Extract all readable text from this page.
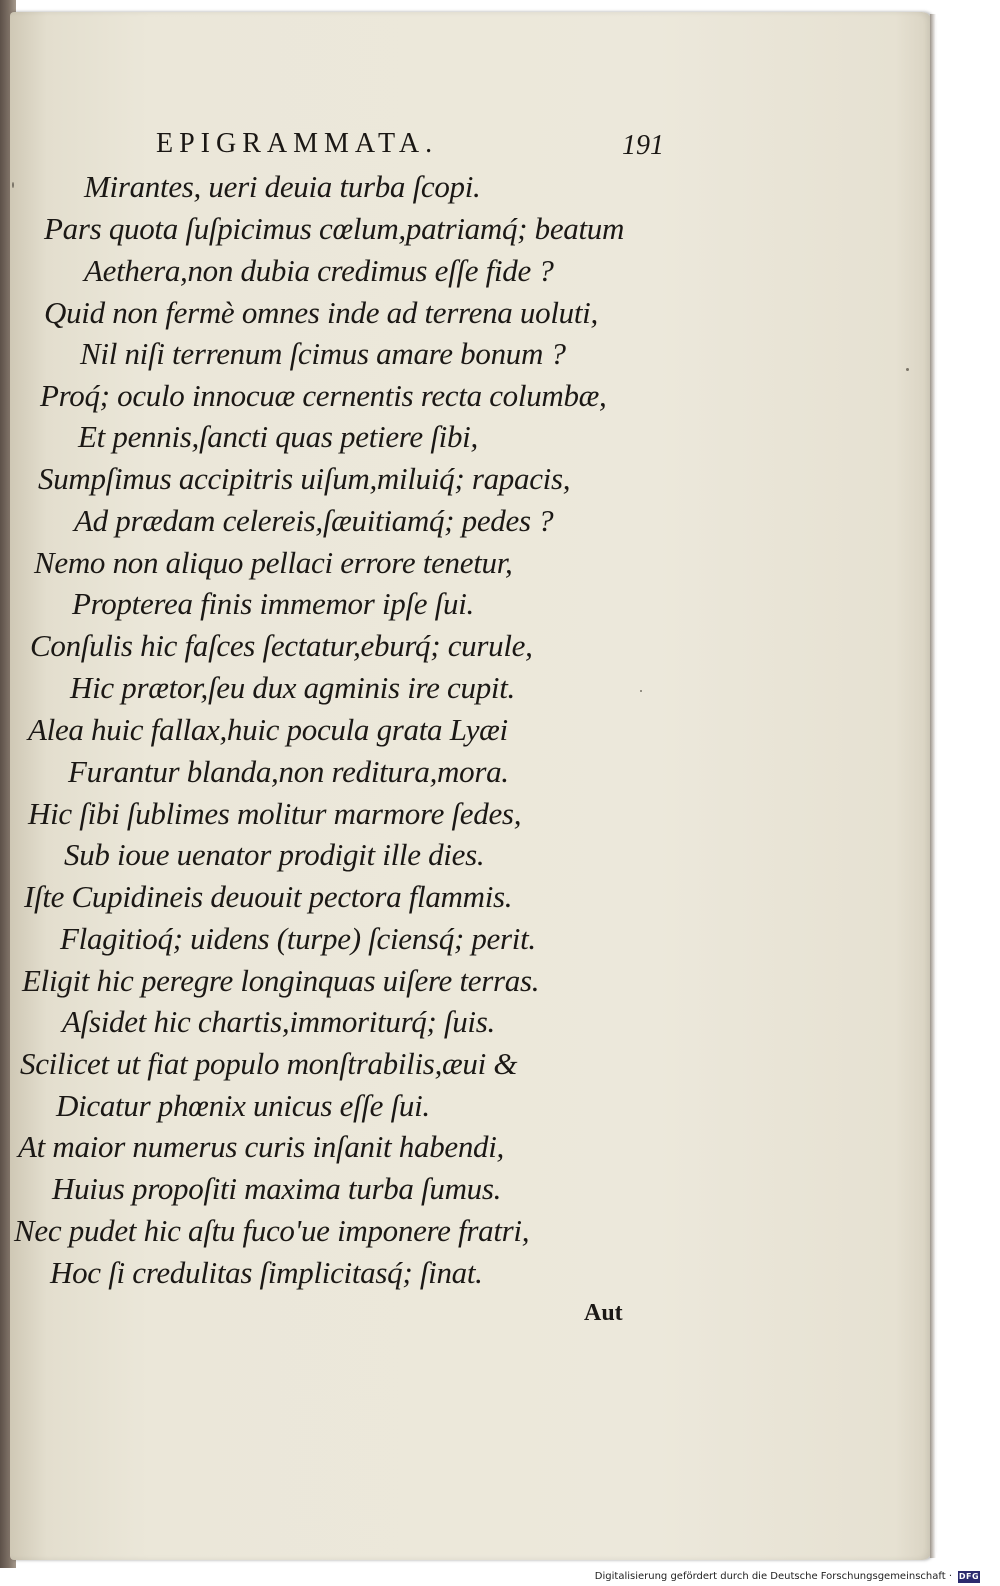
EPIGRAMMATA.	191
Mirantes, ueri deuia turba ſcopi.
Pars quota ſuſpicimus cœlum,patriamq́; beatum
Aethera,non dubia credimus eſſe fide ?
Quid non fermè omnes inde ad terrena uoluti,
Nil niſi terrenum ſcimus amare bonum ?
Proq́; oculo innocuæ cernentis recta columbæ,
Et pennis,ſancti quas petiere ſibi,
Sumpſimus accipitris uiſum,miluiq́; rapacis,
Ad prædam celereis,ſæuitiamq́; pedes ?
Nemo non aliquo pellaci errore tenetur,
Propterea finis immemor ipſe ſui.
Conſulis hic faſces ſectatur,eburq́; curule,
Hic prætor,ſeu dux agminis ire cupit.
Alea huic fallax,huic pocula grata Lyæi
Furantur blanda,non reditura,mora.
Hic ſibi ſublimes molitur marmore ſedes,
Sub ioue uenator prodigit ille dies.
Iſte Cupidineis deuouit pectora flammis.
Flagitioq́; uidens (turpe) ſciensq́; perit.
Eligit hic peregre longinquas uiſere terras.
Aſsidet hic chartis,immoriturq́; ſuis.
Scilicet ut fiat populo monſtrabilis,æui &
Dicatur phœnix unicus eſſe ſui.
At maior numerus curis inſanit habendi,
Huius propoſiti maxima turba ſumus.
Nec pudet hic aſtu fuco'ue imponere fratri,
Hoc ſi credulitas ſimplicitasq́; ſinat.
Aut
Digitalisierung gefördert durch die Deutsche Forschungsgemeinschaft · DFG
